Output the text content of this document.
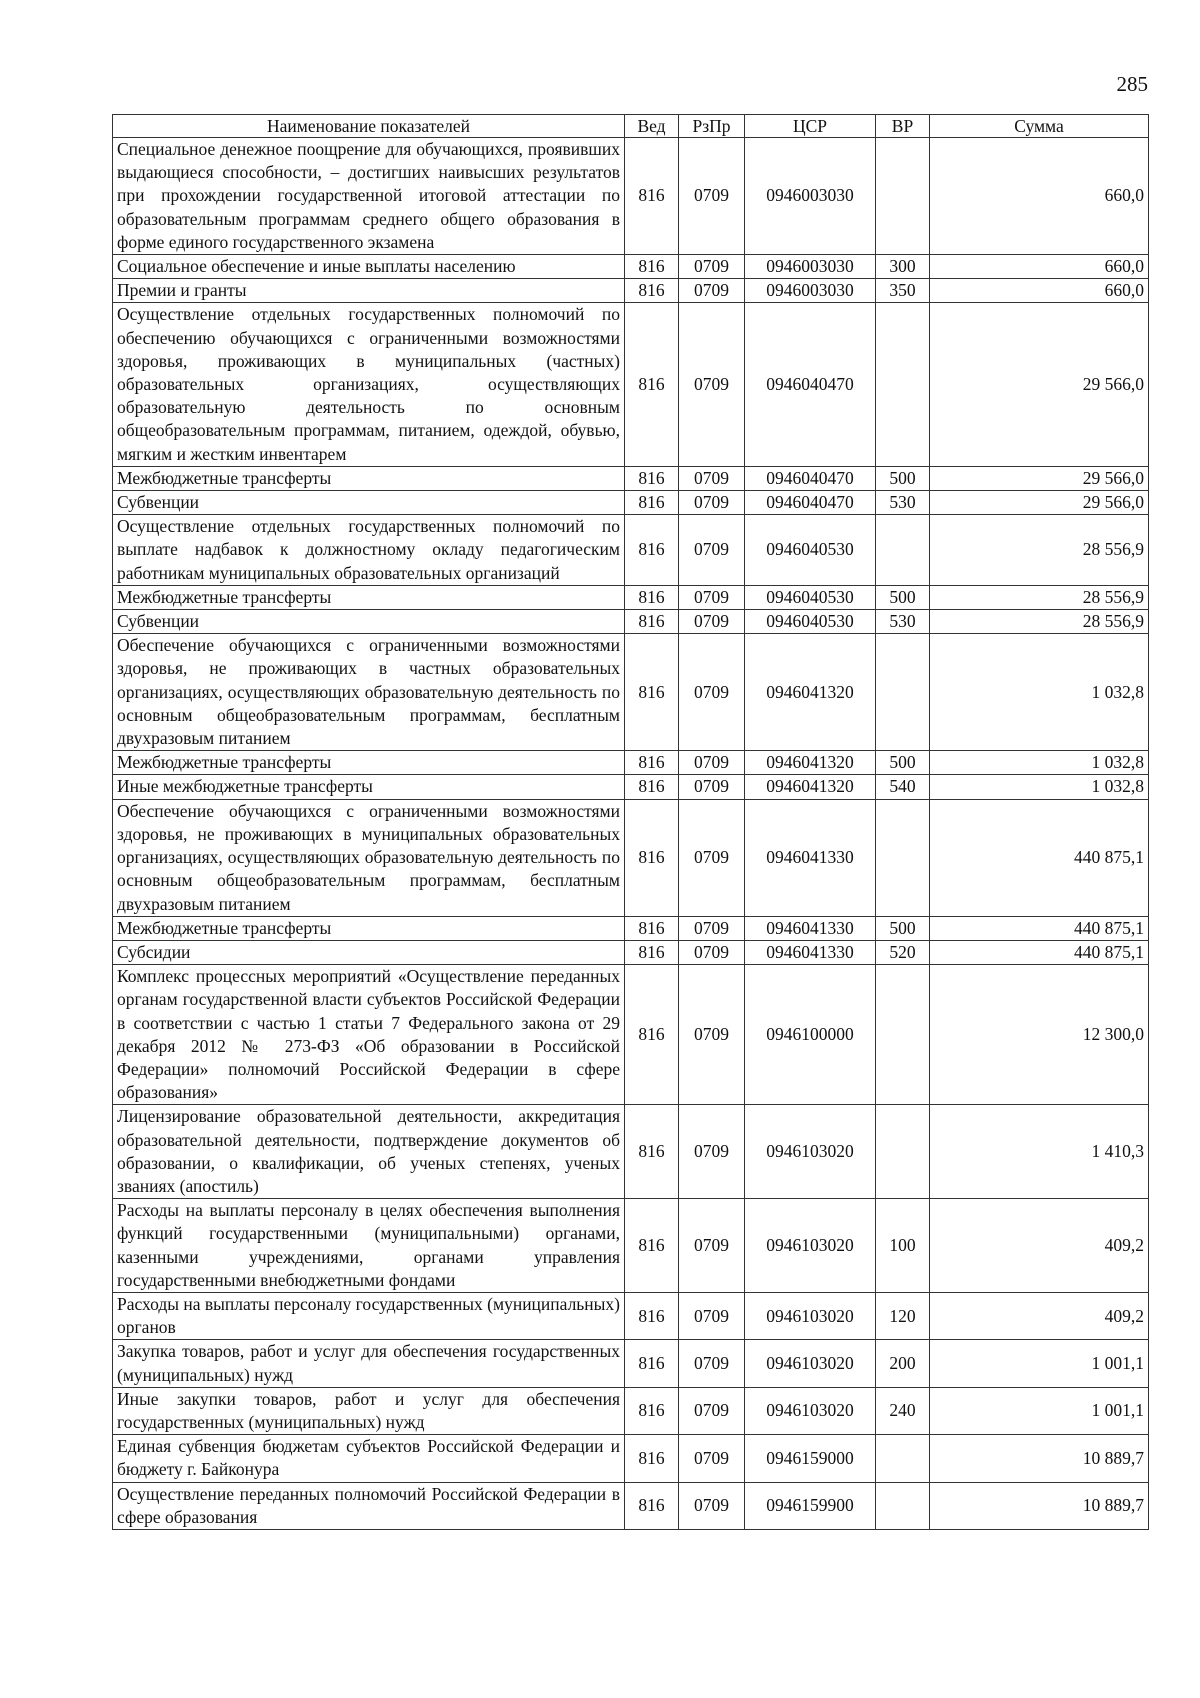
285
Наименование показателей	Вед	РзПр	ЦСР	ВР	Сумма
Специальное денежное поощрение для обучающихся, проявивших выдающиеся способности, – достигших наивысших результатов при прохождении государственной итоговой аттестации по образовательным программам среднего общего образования в форме единого государственного экзамена	816	0709	0946003030		660,0
Социальное обеспечение и иные выплаты населению	816	0709	0946003030	300	660,0
Премии и гранты	816	0709	0946003030	350	660,0
Осуществление отдельных государственных полномочий по обеспечению обучающихся с ограниченными возможностями здоровья, проживающих в муниципальных (частных) образовательных организациях, осуществляющих образовательную деятельность по основным общеобразовательным программам, питанием, одеждой, обувью, мягким и жестким инвентарем	816	0709	0946040470		29 566,0
Межбюджетные трансферты	816	0709	0946040470	500	29 566,0
Субвенции	816	0709	0946040470	530	29 566,0
Осуществление отдельных государственных полномочий по выплате надбавок к должностному окладу педагогическим работникам муниципальных образовательных организаций	816	0709	0946040530		28 556,9
Межбюджетные трансферты	816	0709	0946040530	500	28 556,9
Субвенции	816	0709	0946040530	530	28 556,9
Обеспечение обучающихся с ограниченными возможностями здоровья, не проживающих в частных образовательных организациях, осуществляющих образовательную деятельность по основным общеобразовательным программам, бесплатным двухразовым питанием	816	0709	0946041320		1 032,8
Межбюджетные трансферты	816	0709	0946041320	500	1 032,8
Иные межбюджетные трансферты	816	0709	0946041320	540	1 032,8
Обеспечение обучающихся с ограниченными возможностями здоровья, не проживающих в муниципальных образовательных организациях, осуществляющих образовательную деятельность по основным общеобразовательным программам, бесплатным двухразовым питанием	816	0709	0946041330		440 875,1
Межбюджетные трансферты	816	0709	0946041330	500	440 875,1
Субсидии	816	0709	0946041330	520	440 875,1
Комплекс процессных мероприятий «Осуществление переданных органам государственной власти субъектов Российской Федерации в соответствии с частью 1 статьи 7 Федерального закона от 29 декабря 2012 № 273-ФЗ «Об образовании в Российской Федерации» полномочий Российской Федерации в сфере образования»	816	0709	0946100000		12 300,0
Лицензирование образовательной деятельности, аккредитация образовательной деятельности, подтверждение документов об образовании, о квалификации, об ученых степенях, ученых званиях (апостиль)	816	0709	0946103020		1 410,3
Расходы на выплаты персоналу в целях обеспечения выполнения функций государственными (муниципальными) органами, казенными учреждениями, органами управления государственными внебюджетными фондами	816	0709	0946103020	100	409,2
Расходы на выплаты персоналу государственных (муниципальных) органов	816	0709	0946103020	120	409,2
Закупка товаров, работ и услуг для обеспечения государственных (муниципальных) нужд	816	0709	0946103020	200	1 001,1
Иные закупки товаров, работ и услуг для обеспечения государственных (муниципальных) нужд	816	0709	0946103020	240	1 001,1
Единая субвенция бюджетам субъектов Российской Федерации и бюджету г. Байконура	816	0709	0946159000		10 889,7
Осуществление переданных полномочий Российской Федерации в сфере образования	816	0709	0946159900		10 889,7
